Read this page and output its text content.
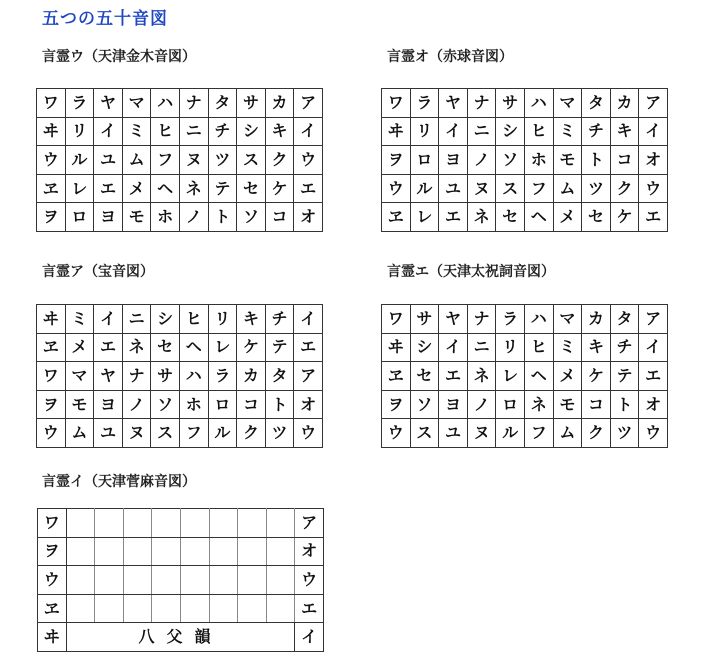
五つの五十音図
言霊ウ（天津金木音図）
ワ	ラ	ヤ	マ	ハ	ナ	タ	サ	カ	ア
ヰ	リ	イ	ミ	ヒ	ニ	チ	シ	キ	イ
ウ	ル	ユ	ム	フ	ヌ	ツ	ス	ク	ウ
ヱ	レ	エ	メ	ヘ	ネ	テ	セ	ケ	エ
ヲ	ロ	ヨ	モ	ホ	ノ	ト	ソ	コ	オ
言霊オ（赤球音図）
ワ	ラ	ヤ	ナ	サ	ハ	マ	タ	カ	ア
ヰ	リ	イ	ニ	シ	ヒ	ミ	チ	キ	イ
ヲ	ロ	ヨ	ノ	ソ	ホ	モ	ト	コ	オ
ウ	ル	ユ	ヌ	ス	フ	ム	ツ	ク	ウ
ヱ	レ	エ	ネ	セ	ヘ	メ	セ	ケ	エ
言霊ア（宝音図）
ヰ	ミ	イ	ニ	シ	ヒ	リ	キ	チ	イ
ヱ	メ	エ	ネ	セ	ヘ	レ	ケ	テ	エ
ワ	マ	ヤ	ナ	サ	ハ	ラ	カ	タ	ア
ヲ	モ	ヨ	ノ	ソ	ホ	ロ	コ	ト	オ
ウ	ム	ユ	ヌ	ス	フ	ル	ク	ツ	ウ
言霊エ（天津太祝詞音図）
ワ	サ	ヤ	ナ	ラ	ハ	マ	カ	タ	ア
ヰ	シ	イ	ニ	リ	ヒ	ミ	キ	チ	イ
ヱ	セ	エ	ネ	レ	ヘ	メ	ケ	テ	エ
ヲ	ソ	ヨ	ノ	ロ	ネ	モ	コ	ト	オ
ウ	ス	ユ	ヌ	ル	フ	ム	ク	ツ	ウ
言霊イ（天津菅麻音図）
ワ									ア
ヲ									オ
ウ									ウ
ヱ									エ
ヰ	八父韻								イ
